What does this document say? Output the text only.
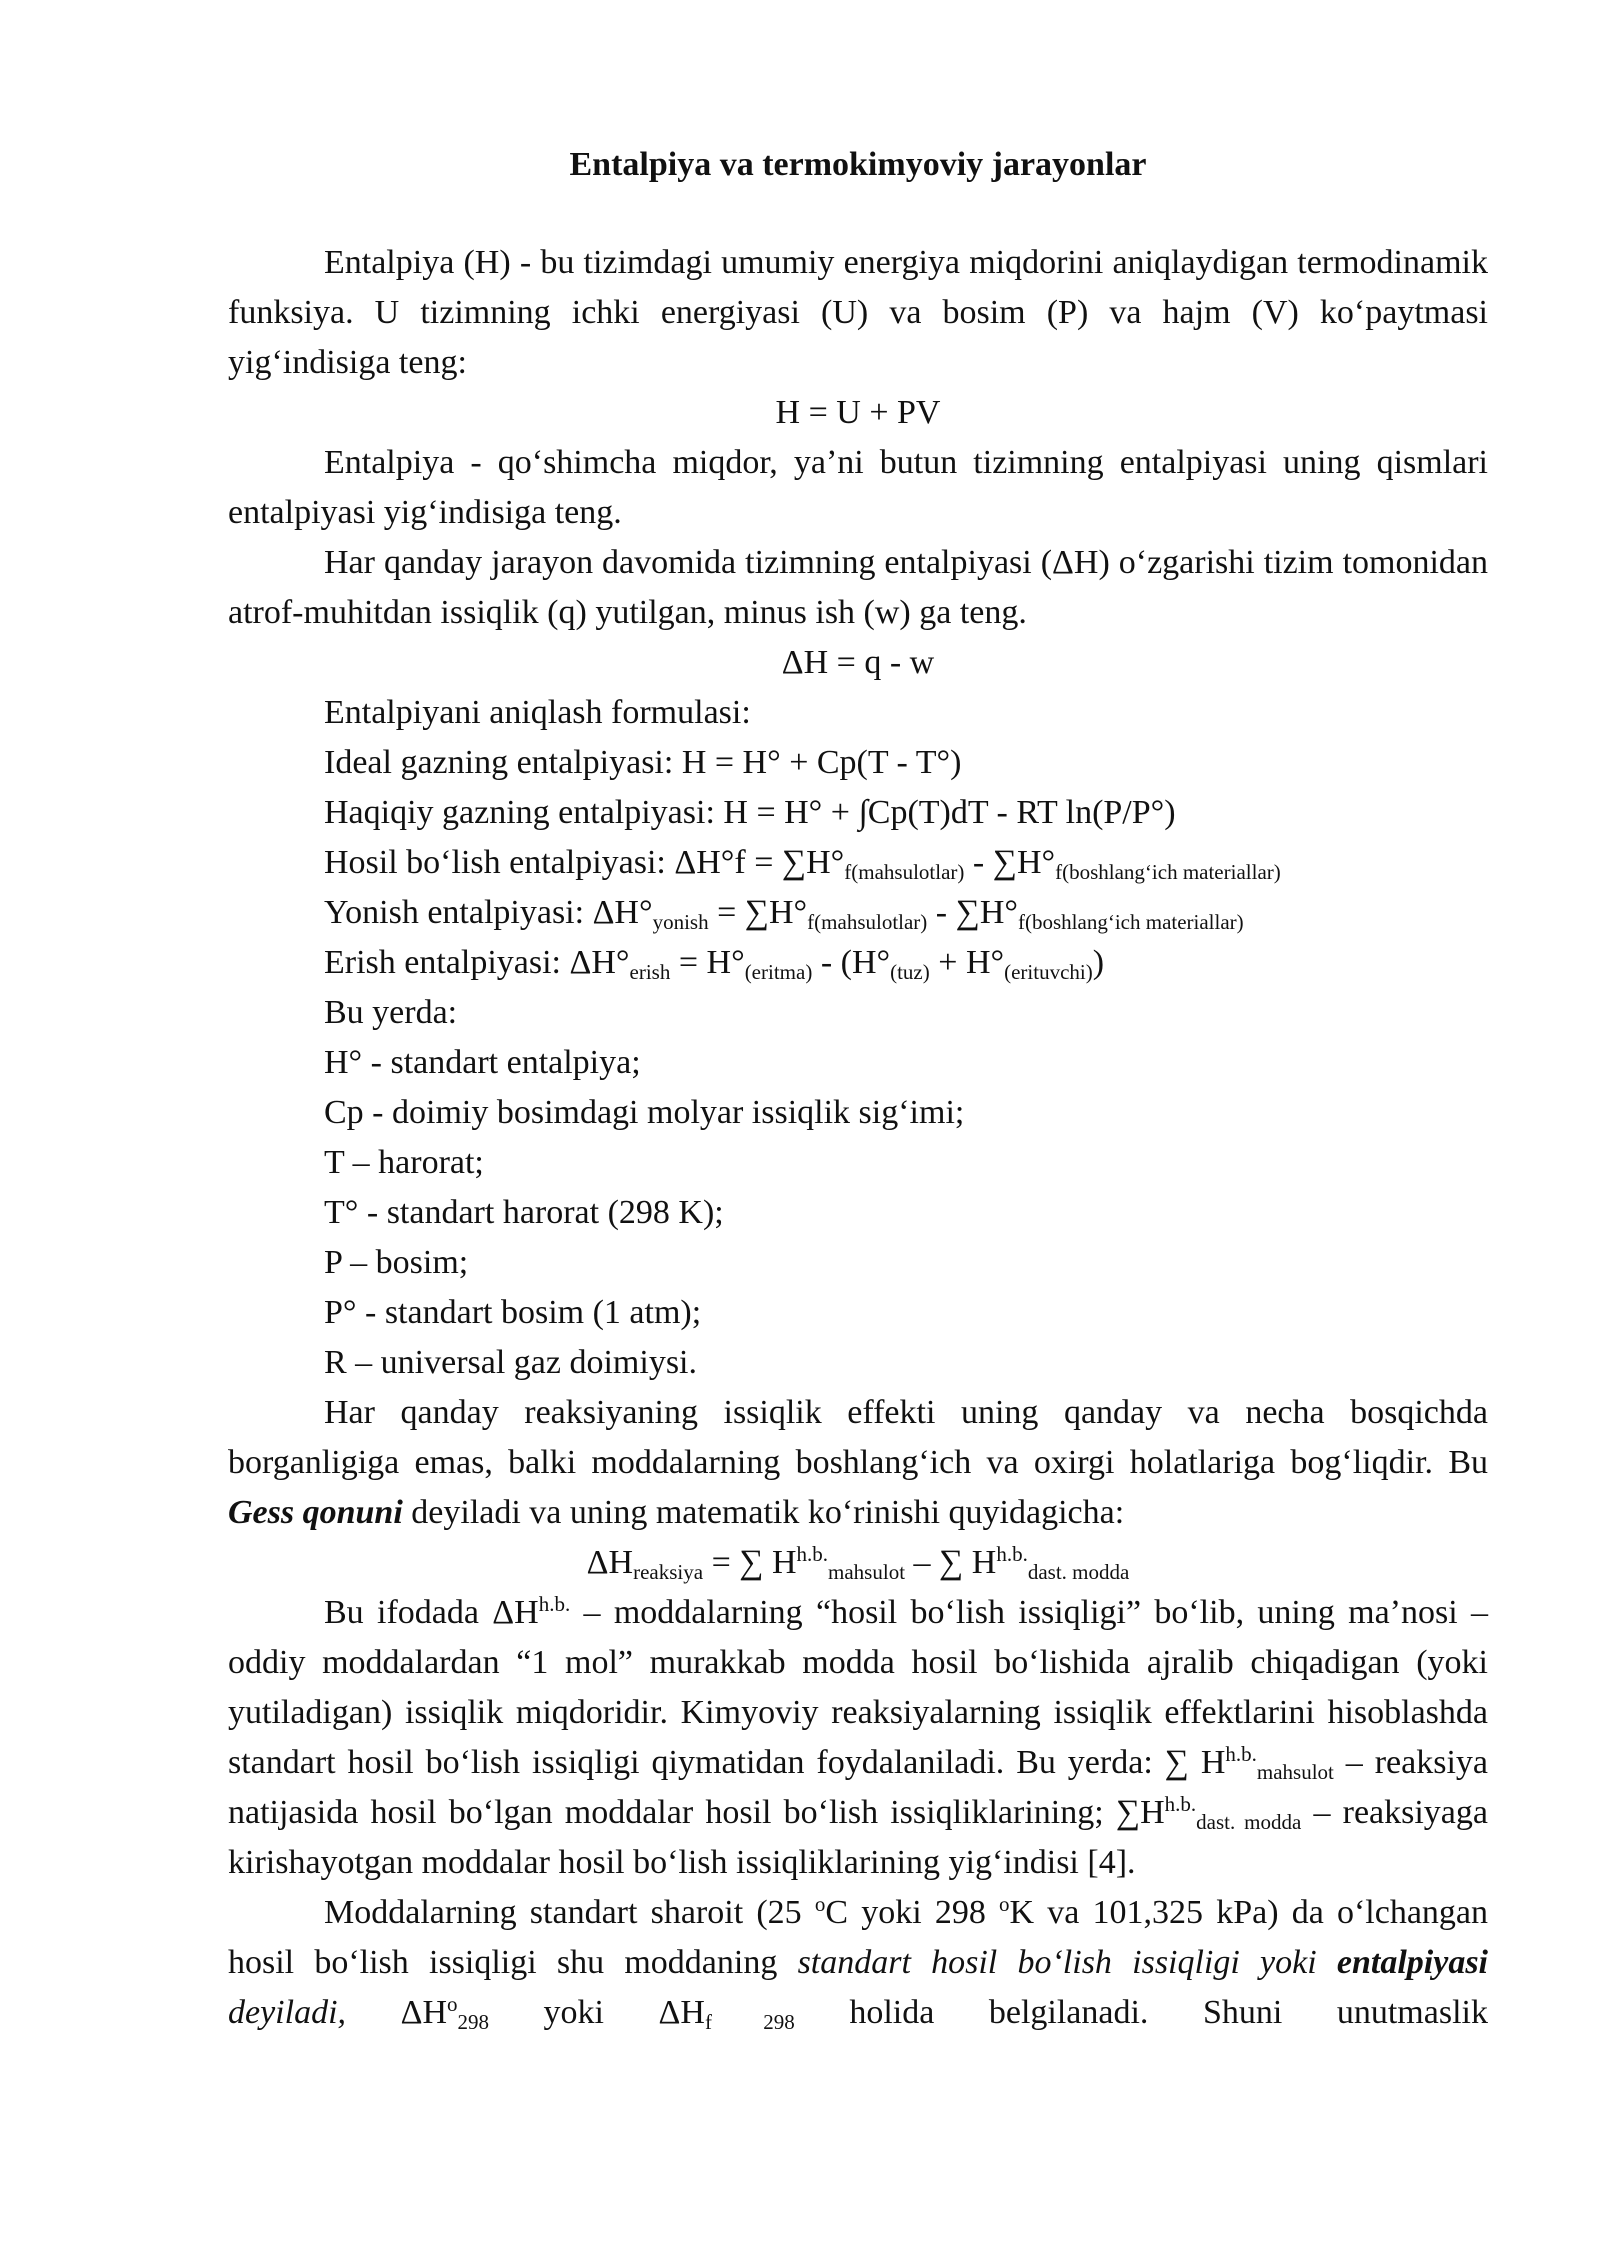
Entalpiya va termokimyoviy jarayonlar

Entalpiya (H) - bu tizimdagi umumiy energiya miqdorini aniqlaydigan termodinamik funksiya. U tizimning ichki energiyasi (U) va bosim (P) va hajm (V) koʻpaytmasi yigʻindisiga teng:

H = U + PV

Entalpiya - qoʻshimcha miqdor, yaʼni butun tizimning entalpiyasi uning qismlari entalpiyasi yigʻindisiga teng.

Har qanday jarayon davomida tizimning entalpiyasi (ΔH) oʻzgarishi tizim tomonidan atrof-muhitdan issiqlik (q) yutilgan, minus ish (w) ga teng.

ΔH = q - w

Entalpiyani aniqlash formulasi:

Ideal gazning entalpiyasi: H = H° + Cp(T - T°)

Haqiqiy gazning entalpiyasi: H = H° + ∫Cp(T)dT - RT ln(P/P°)

Hosil boʻlish entalpiyasi: $\Delta H^\circ f = \sum H^\circ_{f(mahsulotlar)} - \sum H^\circ_{f(boshlangʻich materiallar)}$

Yonish entalpiyasi: $\Delta H^\circ_{yonish} = \sum H^\circ_{f(mahsulotlar)} - \sum H^\circ_{f(boshlangʻich materiallar)}$

Erish entalpiyasi: $\Delta H^\circ_{erish} = H^\circ_{(eritma)} - (H^\circ_{(tuz)} + H^\circ_{(erituvchi)})$

Bu yerda:

H° - standart entalpiya;

Cp - doimiy bosimdagi molyar issiqlik sigʻimi;

T – harorat;

T° - standart harorat (298 K);

P – bosim;

P° - standart bosim (1 atm);

R – universal gaz doimiysi.

Har qanday reaksiyaning issiqlik effekti uning qanday va necha bosqichda borganligiga emas, balki moddalarning boshlangʻich va oxirgi holatlariga bogʻliqdir. Bu Gess qonuni deyiladi va uning matematik koʻrinishi quyidagicha:

$\Delta H_{reaksiya}$ = ∑ $H^{h.b.}_{mahsulot}$ – ∑ $H^{h.b.}_{dast. modda}$

Bu ifodada $\Delta H^{h.b.}$ – moddalarning “hosil boʻlish issiqligi” boʻlib, uning maʼnosi – oddiy moddalardan “1 mol” murakkab modda hosil boʻlishida ajralib chiqadigan (yoki yutiladigan) issiqlik miqdoridir. Kimyoviy reaksiyalarning issiqlik effektlarini hisoblashda standart hosil boʻlish issiqligi qiymatidan foydalaniladi. Bu yerda: ∑ $H^{h.b.}_{mahsulot}$ – reaksiya natijasida hosil boʻlgan moddalar hosil boʻlish issiqliklarining; $\sum H^{h.b.}_{dast. modda}$ – reaksiyaga kirishayotgan moddalar hosil boʻlish issiqliklarining yigʻindisi [4].

Moddalarning standart sharoit (25 $^o$C yoki 298 $^o$K va 101,325 kPa) da oʻlchangan hosil boʻlish issiqligi shu moddaning standart hosil boʻlish issiqligi yoki entalpiyasi deyiladi, $\Delta H^o_{298}$ yoki $\Delta H_{f 298}$ holida belgilanadi. Shuni unutmaslik
